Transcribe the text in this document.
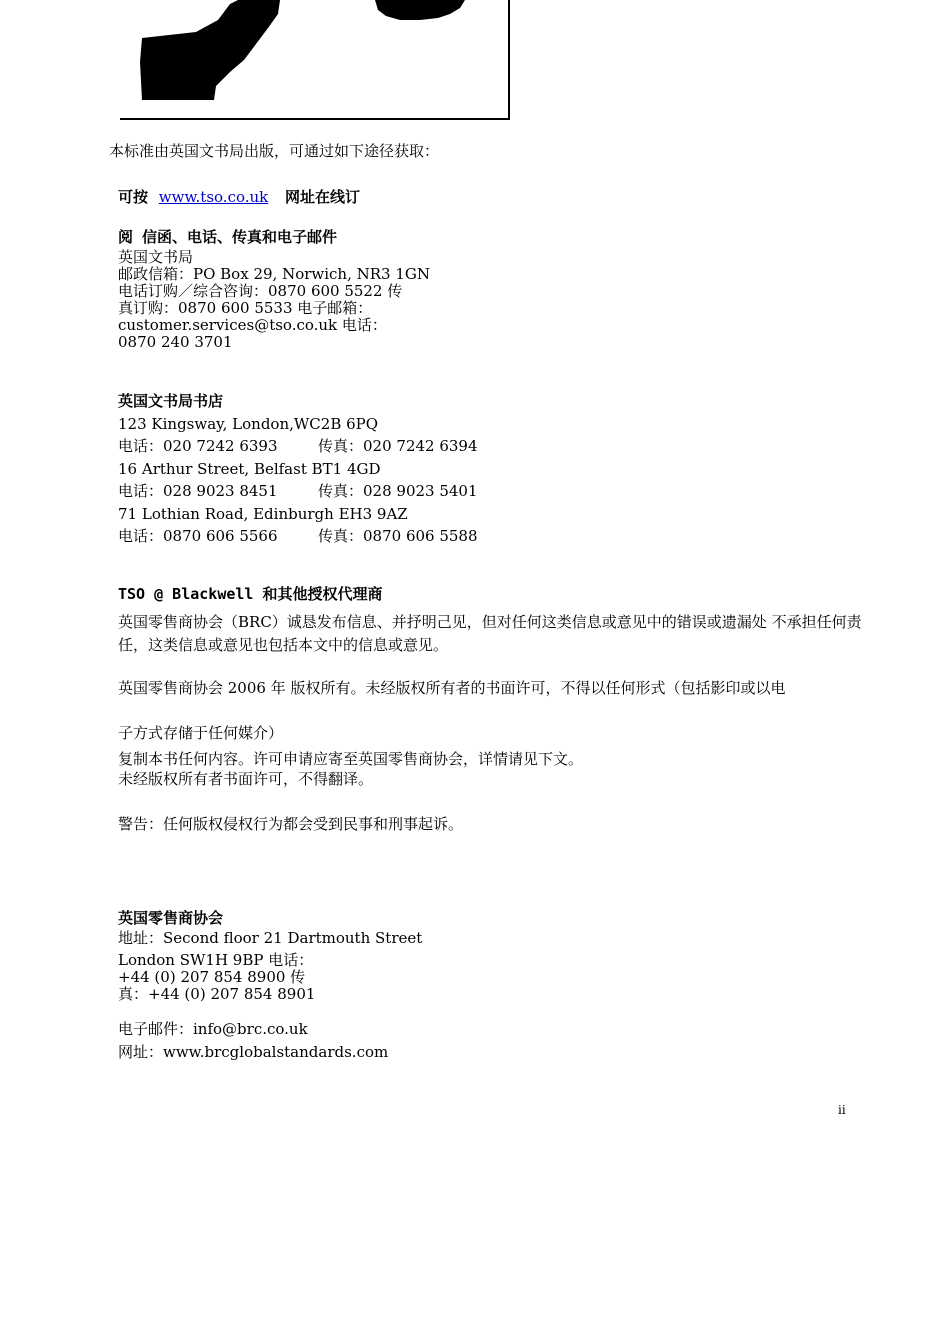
本标准由英国文书局出版，可通过如下途径获取：
可按 www.tso.co.uk 网址在线订
阅 信函、电话、传真和电子邮件
英国文书局
邮政信箱：PO Box 29, Norwich, NR3 1GN
电话订购／综合咨询：0870 600 5522 传
真订购：0870 600 5533 电子邮箱：
customer.services@tso.co.uk 电话：
0870 240 3701
英国文书局书店
123 Kingsway, London,WC2B 6PQ
电话：020 7242 6393	传真：020 7242 6394
16 Arthur Street, Belfast BT1 4GD
电话：028 9023 8451	传真：028 9023 5401
71 Lothian Road, Edinburgh EH3 9AZ
电话：0870 606 5566	传真：0870 606 5588
TSO @ Blackwell 和其他授权代理商
英国零售商协会（BRC）诚恳发布信息、并抒明己见，但对任何这类信息或意见中的错误或遗漏处 不承担任何责任，这类信息或意见也包括本文中的信息或意见。
英国零售商协会 2006 年 版权所有。未经版权所有者的书面许可，不得以任何形式（包括影印或以电
子方式存储于任何媒介）
复制本书任何内容。许可申请应寄至英国零售商协会，详情请见下文。
未经版权所有者书面许可，不得翻译。
警告：任何版权侵权行为都会受到民事和刑事起诉。
英国零售商协会
地址：Second floor 21 Dartmouth Street
London SW1H 9BP 电话：
+44 (0) 207 854 8900 传
真：+44 (0) 207 854 8901
电子邮件：info@brc.co.uk
网址：www.brcglobalstandards.com
ii
